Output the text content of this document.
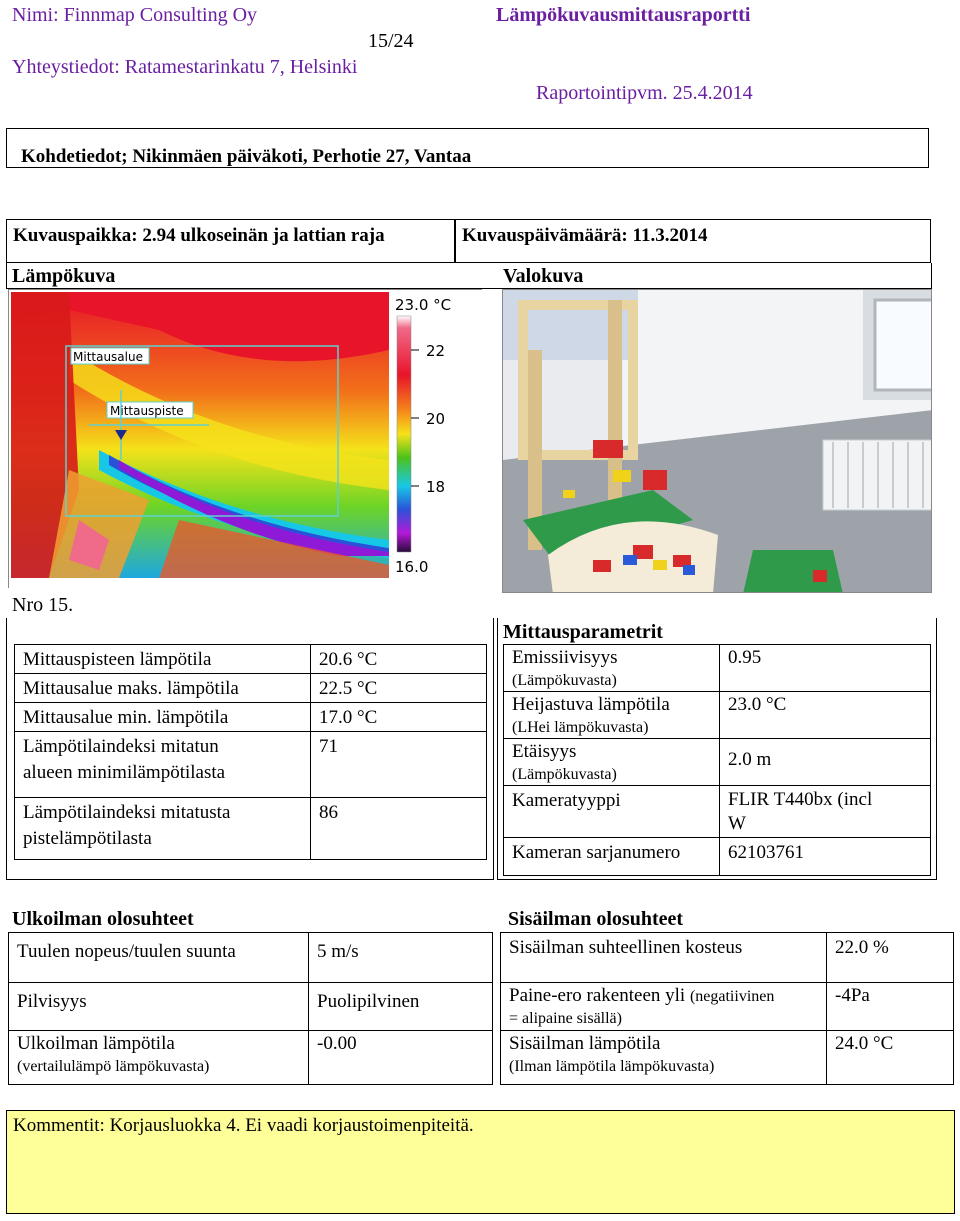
Nimi: Finnmap Consulting Oy
15/24
Yhteystiedot: Ratamestarinkatu 7, Helsinki
Lämpökuvausmittausraportti
Raportointipvm. 25.4.2014
Kohdetiedot; Nikinmäen päiväkoti, Perhotie 27, Vantaa
Kuvauspaikka: 2.94 ulkoseinän ja lattian raja	Kuvauspäivämäärä: 11.3.2014
Lämpökuva	Valokuva
Mittausalue
Mittauspiste
23.0 °C
22
20
18
16.0
Nro 15.
Mittauspisteen lämpötila	20.6 °C
Mittausalue maks. lämpötila	22.5 °C
Mittausalue min. lämpötila	17.0 °C
Lämpötilaindeksi mitatun
alueen minimilämpötilasta	71
Lämpötilaindeksi mitatusta
pistelämpötilasta	86
Mittausparametrit
Emissiivisyys
(Lämpökuvasta)	0.95
Heijastuva lämpötila
(LHei lämpökuvasta)	23.0 °C
Etäisyys
(Lämpökuvasta)	2.0 m
Kameratyyppi	FLIR T440bx (incl
W
Kameran sarjanumero	62103761
Ulkoilman olosuhteet
Tuulen nopeus/tuulen suunta	5 m/s
Pilvisyys	Puolipilvinen
Ulkoilman lämpötila
(vertailulämpö lämpökuvasta)	-0.00
Sisäilman olosuhteet
Sisäilman suhteellinen kosteus	22.0 %
Paine-ero rakenteen yli (negatiivinen
= alipaine sisällä)	-4Pa
Sisäilman lämpötila
(Ilman lämpötila lämpökuvasta)	24.0 °C
Kommentit: Korjausluokka 4. Ei vaadi korjaustoimenpiteitä.
